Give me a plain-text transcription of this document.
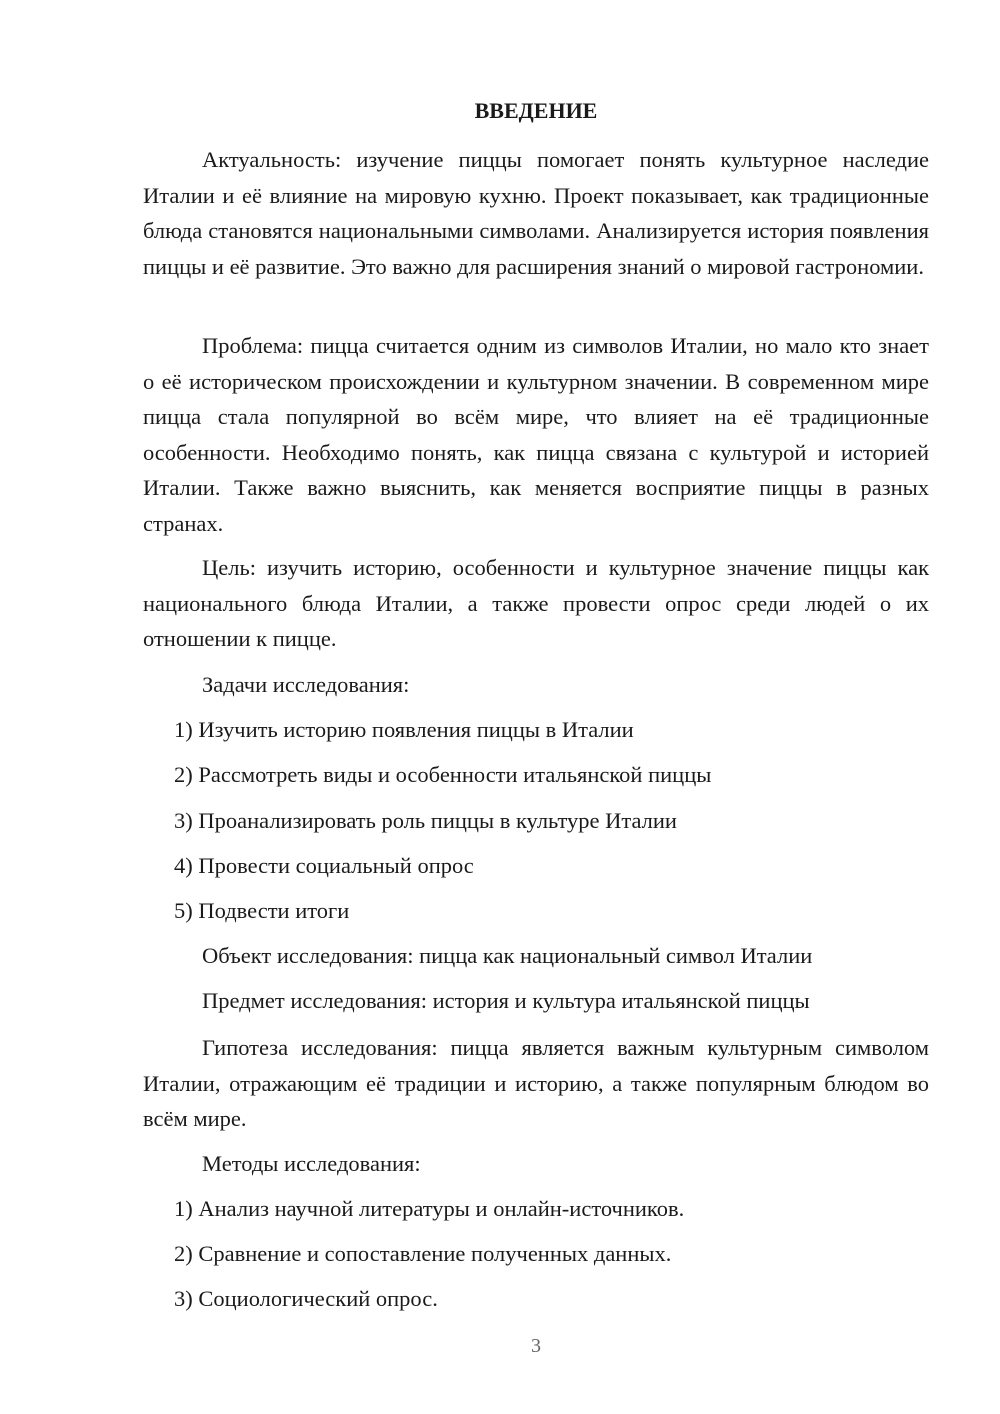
ВВЕДЕНИЕ

Актуальность: изучение пиццы помогает понять культурное наследие Италии и её влияние на мировую кухню. Проект показывает, как традиционные блюда становятся национальными символами. Анализируется история появления пиццы и её развитие. Это важно для расширения знаний о мировой гастрономии.

Проблема: пицца считается одним из символов Италии, но мало кто знает о её историческом происхождении и культурном значении. В современном мире пицца стала популярной во всём мире, что влияет на её традиционные особенности. Необходимо понять, как пицца связана с культурой и историей Италии. Также важно выяснить, как меняется восприятие пиццы в разных странах.

Цель: изучить историю, особенности и культурное значение пиццы как национального блюда Италии, а также провести опрос среди людей о их отношении к пицце.

Задачи исследования:
1) Изучить историю появления пиццы в Италии
2) Рассмотреть виды и особенности итальянской пиццы
3) Проанализировать роль пиццы в культуре Италии
4) Провести социальный опрос
5) Подвести итоги
Объект исследования: пицца как национальный символ Италии
Предмет исследования: история и культура итальянской пиццы

Гипотеза исследования: пицца является важным культурным символом Италии, отражающим её традиции и историю, а также популярным блюдом во всём мире.

Методы исследования:
1) Анализ научной литературы и онлайн-источников.
2) Сравнение и сопоставление полученных данных.
3) Социологический опрос.
3
